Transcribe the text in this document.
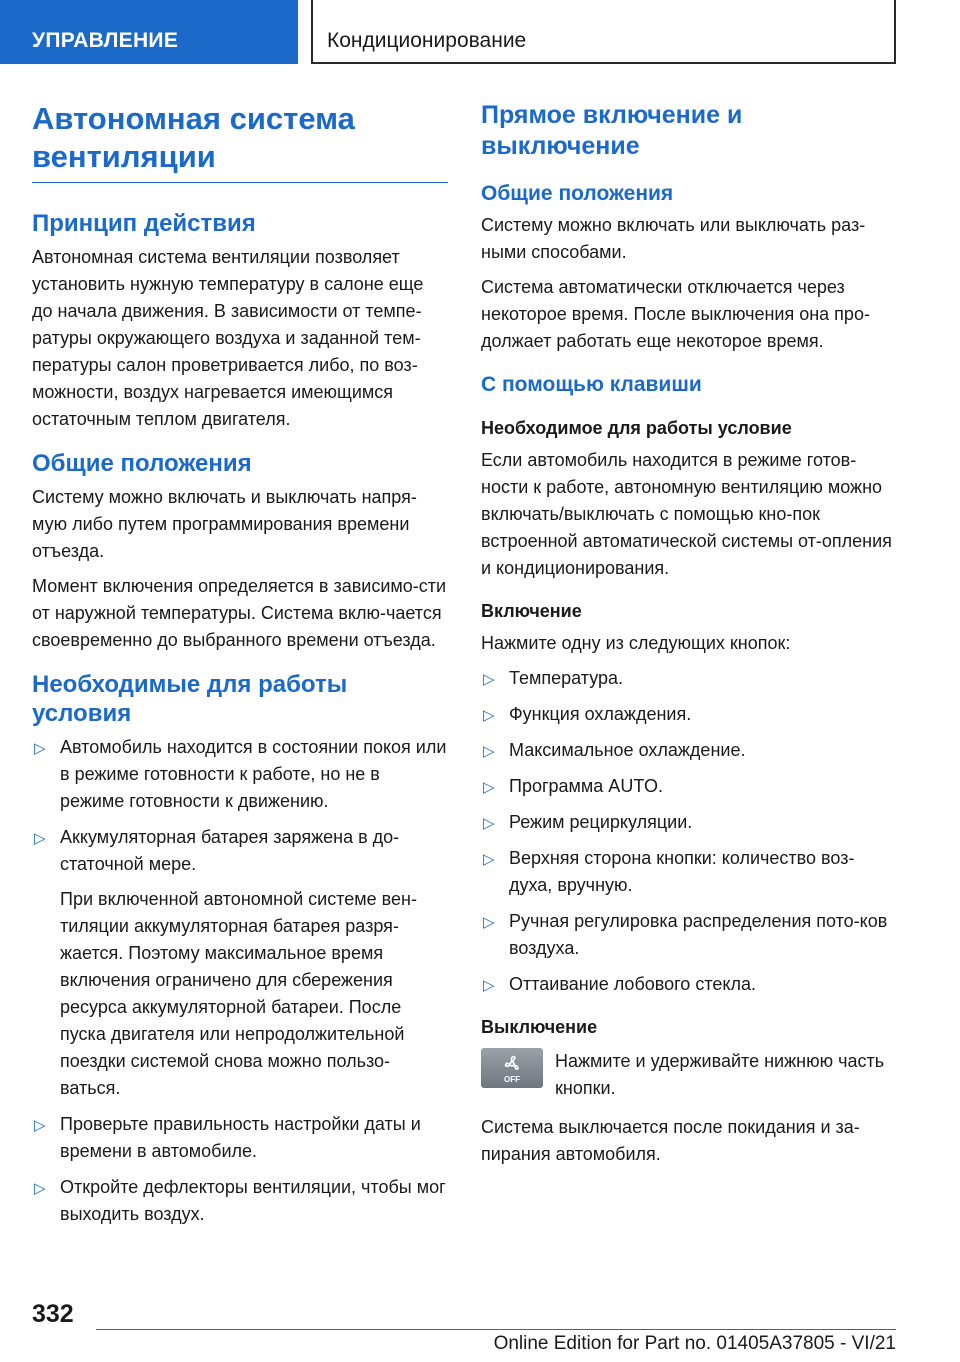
УПРАВЛЕНИЕ	Кондиционирование
Автономная система вентиляции
Принцип действия

Автономная система вентиляции позволяет установить нужную температуру в салоне еще до начала движения. В зависимости от темпе-ратуры окружающего воздуха и заданной тем-пературы салон проветривается либо, по воз-можности, воздух нагревается имеющимся остаточным теплом двигателя.

Общие положения

Систему можно включать и выключать напря-мую либо путем программирования времени отъезда.

Момент включения определяется в зависимо-сти от наружной температуры. Система вклю-чается своевременно до выбранного времени отъезда.

Необходимые для работы условия
▷ Автомобиль находится в состоянии покоя или в режиме готовности к работе, но не в режиме готовности к движению.
▷ Аккумуляторная батарея заряжена в до-статочной мере.

При включенной автономной системе вен-тиляции аккумуляторная батарея разря-жается. Поэтому максимальное время включения ограничено для сбережения ресурса аккумуляторной батареи. После пуска двигателя или непродолжительной поездки системой снова можно пользо-ваться.

▷ Проверьте правильность настройки даты и времени в автомобиле.
▷ Откройте дефлекторы вентиляции, чтобы мог выходить воздух.
Прямое включение и выключение
Общие положения

Систему можно включать или выключать раз-ными способами.

Система автоматически отключается через некоторое время. После выключения она про-должает работать еще некоторое время.

С помощью клавиши
Необходимое для работы условие

Если автомобиль находится в режиме готов-ности к работе, автономную вентиляцию можно включать/выключать с помощью кно-пок встроенной автоматической системы от-опления и кондиционирования.

Включение

Нажмите одну из следующих кнопок:

▷ Температура.
▷ Функция охлаждения.
▷ Максимальное охлаждение.
▷ Программа AUTO.
▷ Режим рециркуляции.
▷ Верхняя сторона кнопки: количество воз-духа, вручную.
▷ Ручная регулировка распределения пото-ков воздуха.
▷ Оттаивание лобового стекла.
Выключение
OFF
Нажмите и удерживайте нижнюю часть кнопки.

Система выключается после покидания и за-пирания автомобиля.

332
Online Edition for Part no. 01405A37805 - VI/21
